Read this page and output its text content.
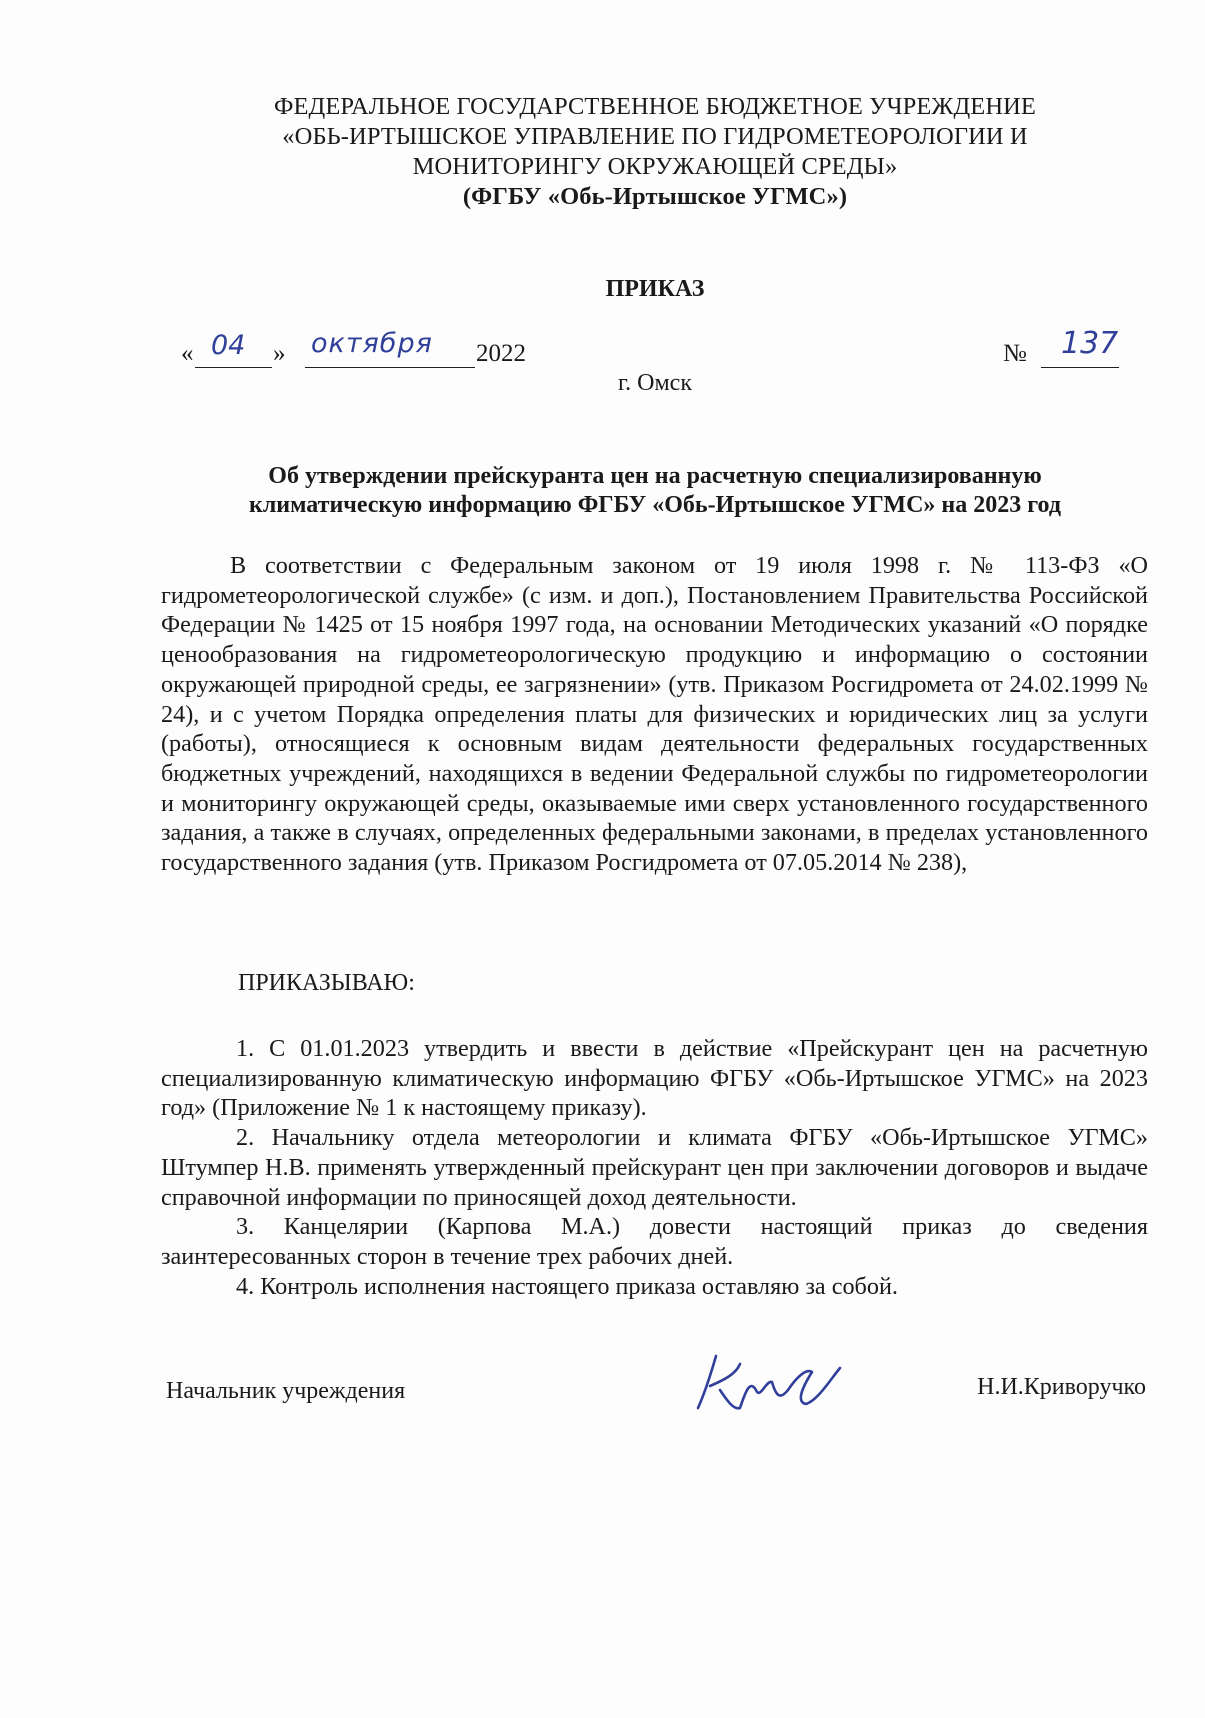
ФЕДЕРАЛЬНОЕ ГОСУДАРСТВЕННОЕ БЮДЖЕТНОЕ УЧРЕЖДЕНИЕ
«ОБЬ-ИРТЫШСКОЕ УПРАВЛЕНИЕ ПО ГИДРОМЕТЕОРОЛОГИИ И
МОНИТОРИНГУ ОКРУЖАЮЩЕЙ СРЕДЫ»
(ФГБУ «Обь-Иртышское УГМС»)
ПРИКАЗ
« 04 » октября 2022	№ 137
г. Омск
Об утверждении прейскуранта цен на расчетную специализированную
климатическую информацию ФГБУ «Обь-Иртышское УГМС» на 2023 год

В соответствии с Федеральным законом от 19 июля 1998 г. № 113-ФЗ «О гидрометеорологической службе» (с изм. и доп.), Постановлением Правительства Российской Федерации № 1425 от 15 ноября 1997 года, на основании Методических указаний «О порядке ценообразования на гидрометеорологическую продукцию и информацию о состоянии окружающей природной среды, ее загрязнении» (утв. Приказом Росгидромета от 24.02.1999 № 24), и с учетом Порядка определения платы для физических и юридических лиц за услуги (работы), относящиеся к основным видам деятельности федеральных государственных бюджетных учреждений, находящихся в ведении Федеральной службы по гидрометеорологии и мониторингу окружающей среды, оказываемые ими сверх установленного государственного задания, а также в случаях, определенных федеральными законами, в пределах установленного государственного задания (утв. Приказом Росгидромета от 07.05.2014 № 238),

ПРИКАЗЫВАЮ:

1. С 01.01.2023 утвердить и ввести в действие «Прейскурант цен на расчетную специализированную климатическую информацию ФГБУ «Обь-Иртышское УГМС» на 2023 год» (Приложение № 1 к настоящему приказу).

2. Начальнику отдела метеорологии и климата ФГБУ «Обь-Иртышское УГМС» Штумпер Н.В. применять утвержденный прейскурант цен при заключении договоров и выдаче справочной информации по приносящей доход деятельности.

3. Канцелярии (Карпова М.А.) довести настоящий приказ до сведения заинтересованных сторон в течение трех рабочих дней.

4. Контроль исполнения настоящего приказа оставляю за собой.

Начальник учреждения	Н.И.Криворучко
